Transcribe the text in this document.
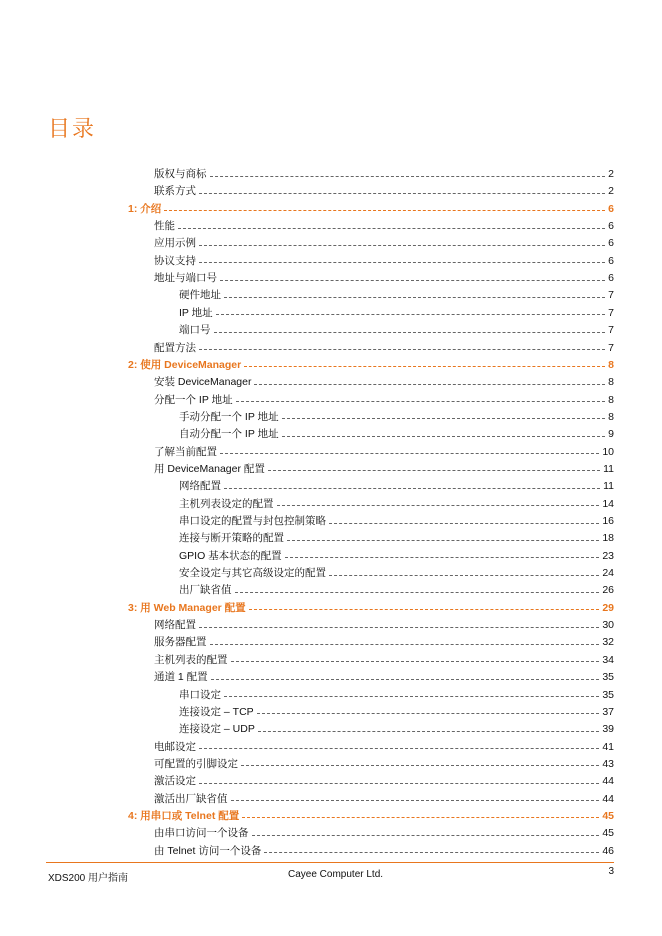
目录
版权与商标	2
联系方式	2
1: 介绍	6
性能	6
应用示例	6
协议支持	6
地址与端口号	6
硬件地址	7
IP 地址	7
端口号	7
配置方法	7
2: 使用 DeviceManager	8
安装 DeviceManager	8
分配一个 IP 地址	8
手动分配一个 IP 地址	8
自动分配一个 IP 地址	9
了解当前配置	10
用 DeviceManager 配置	11
网络配置	11
主机列表设定的配置	14
串口设定的配置与封包控制策略	16
连接与断开策略的配置	18
GPIO 基本状态的配置	23
安全设定与其它高级设定的配置	24
出厂缺省值	26
3: 用 Web Manager 配置	29
网络配置	30
服务器配置	32
主机列表的配置	34
通道 1 配置	35
串口设定	35
连接设定 – TCP	37
连接设定 – UDP	39
电邮设定	41
可配置的引脚设定	43
激活设定	44
激活出厂缺省值	44
4: 用串口或 Telnet 配置	45
由串口访问一个设备	45
由 Telnet 访问一个设备	46
XDS200 用户指南	Cayee Computer Ltd.	3
